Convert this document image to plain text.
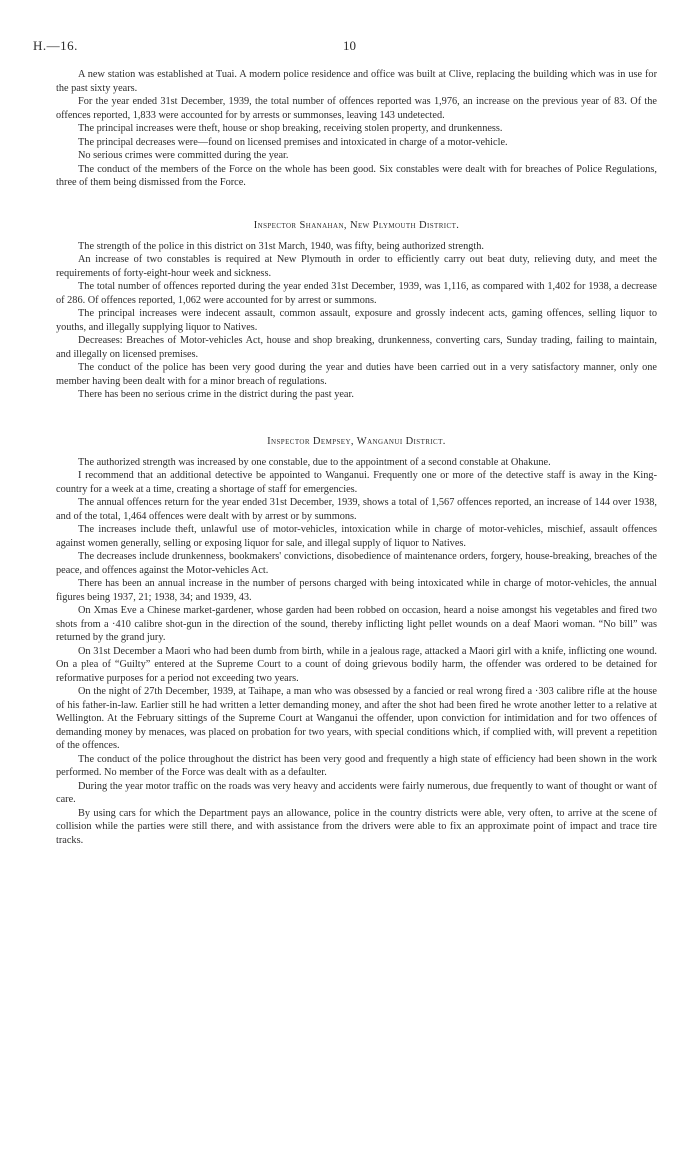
H.—16.	10

A new station was established at Tuai. A modern police residence and office was built at Clive, replacing the building which was in use for the past sixty years.

For the year ended 31st December, 1939, the total number of offences reported was 1,976, an increase on the previous year of 83. Of the offences reported, 1,833 were accounted for by arrests or summonses, leaving 143 undetected.

The principal increases were theft, house or shop breaking, receiving stolen property, and drunkenness.

The principal decreases were—found on licensed premises and intoxicated in charge of a motor-vehicle.

No serious crimes were committed during the year.

The conduct of the members of the Force on the whole has been good. Six constables were dealt with for breaches of Police Regulations, three of them being dismissed from the Force.

Inspector Shanahan, New Plymouth District.

The strength of the police in this district on 31st March, 1940, was fifty, being authorized strength.

An increase of two constables is required at New Plymouth in order to efficiently carry out beat duty, relieving duty, and meet the requirements of forty-eight-hour week and sickness.

The total number of offences reported during the year ended 31st December, 1939, was 1,116, as compared with 1,402 for 1938, a decrease of 286. Of offences reported, 1,062 were accounted for by arrest or summons.

The principal increases were indecent assault, common assault, exposure and grossly indecent acts, gaming offences, selling liquor to youths, and illegally supplying liquor to Natives.

Decreases: Breaches of Motor-vehicles Act, house and shop breaking, drunkenness, converting cars, Sunday trading, failing to maintain, and illegally on licensed premises.

The conduct of the police has been very good during the year and duties have been carried out in a very satisfactory manner, only one member having been dealt with for a minor breach of regulations.

There has been no serious crime in the district during the past year.

Inspector Dempsey, Wanganui District.

The authorized strength was increased by one constable, due to the appointment of a second constable at Ohakune.

I recommend that an additional detective be appointed to Wanganui. Frequently one or more of the detective staff is away in the King-country for a week at a time, creating a shortage of staff for emergencies.

The annual offences return for the year ended 31st December, 1939, shows a total of 1,567 offences reported, an increase of 144 over 1938, and of the total, 1,464 offences were dealt with by arrest or by summons.

The increases include theft, unlawful use of motor-vehicles, intoxication while in charge of motor-vehicles, mischief, assault offences against women generally, selling or exposing liquor for sale, and illegal supply of liquor to Natives.

The decreases include drunkenness, bookmakers' convictions, disobedience of maintenance orders, forgery, house-breaking, breaches of the peace, and offences against the Motor-vehicles Act.

There has been an annual increase in the number of persons charged with being intoxicated while in charge of motor-vehicles, the annual figures being 1937, 21; 1938, 34; and 1939, 43.

On Xmas Eve a Chinese market-gardener, whose garden had been robbed on occasion, heard a noise amongst his vegetables and fired two shots from a ·410 calibre shot-gun in the direction of the sound, thereby inflicting light pellet wounds on a deaf Maori woman. “No bill” was returned by the grand jury.

On 31st December a Maori who had been dumb from birth, while in a jealous rage, attacked a Maori girl with a knife, inflicting one wound. On a plea of “Guilty” entered at the Supreme Court to a count of doing grievous bodily harm, the offender was ordered to be detained for reformative purposes for a period not exceeding two years.

On the night of 27th December, 1939, at Taihape, a man who was obsessed by a fancied or real wrong fired a ·303 calibre rifle at the house of his father-in-law. Earlier still he had written a letter demanding money, and after the shot had been fired he wrote another letter to a relative at Wellington. At the February sittings of the Supreme Court at Wanganui the offender, upon conviction for intimidation and for two offences of demanding money by menaces, was placed on probation for two years, with special conditions which, if complied with, will prevent a repetition of the offences.

The conduct of the police throughout the district has been very good and frequently a high state of efficiency had been shown in the work performed. No member of the Force was dealt with as a defaulter.

During the year motor traffic on the roads was very heavy and accidents were fairly numerous, due frequently to want of thought or want of care.

By using cars for which the Department pays an allowance, police in the country districts were able, very often, to arrive at the scene of collision while the parties were still there, and with assistance from the drivers were able to fix an approximate point of impact and trace tire tracks.
